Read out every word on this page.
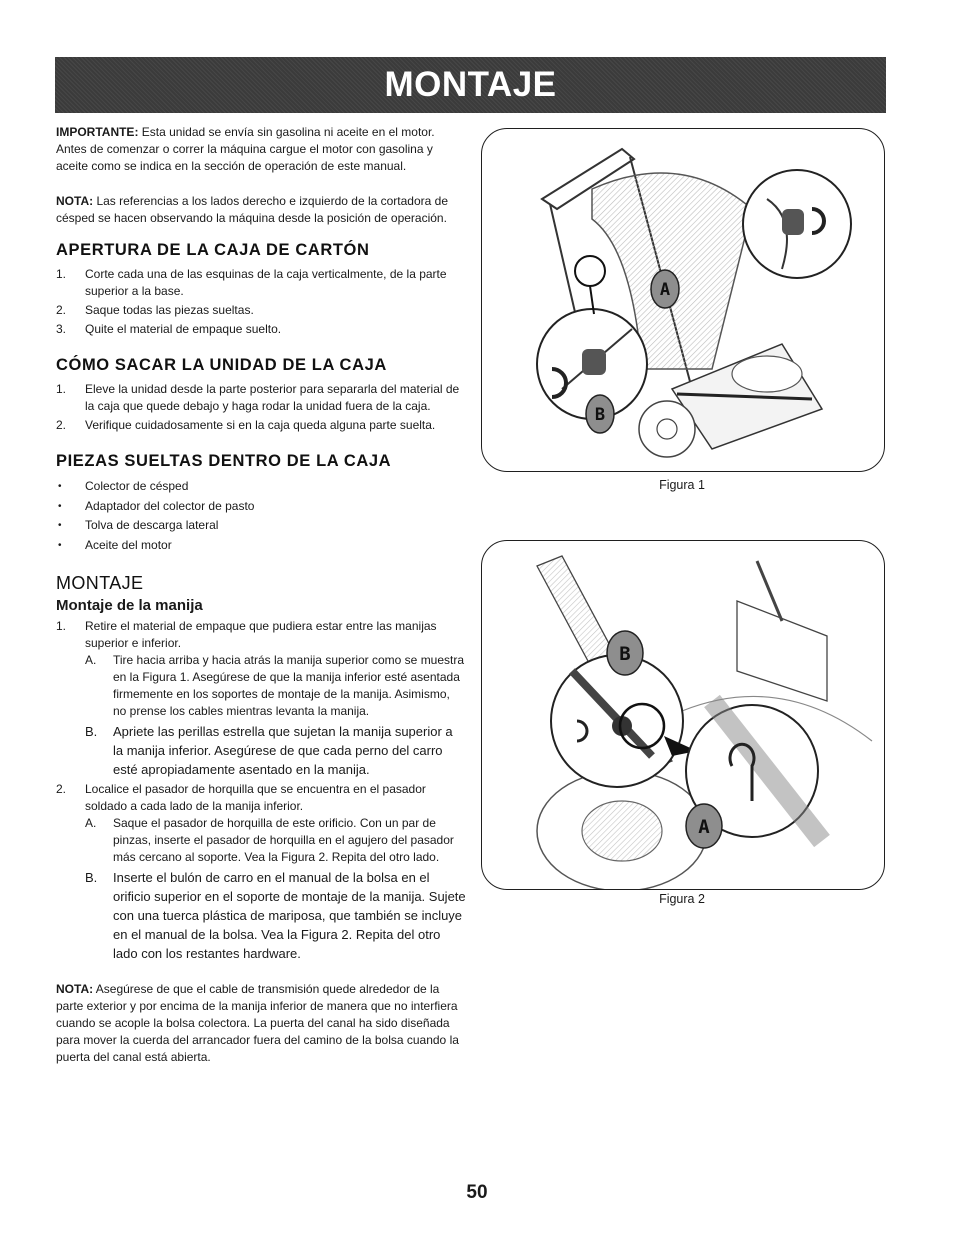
MONTAJE

IMPORTANTE: Esta unidad se envía sin gasolina ni aceite en el motor. Antes de comenzar o correr la máquina cargue el motor con gasolina y aceite como se indica en la sección de operación de este manual.

NOTA: Las referencias a los lados derecho e izquierdo de la cortadora de césped se hacen observando la máquina desde la posición de operación.

APERTURA DE LA CAJA DE CARTÓN
1. Corte cada una de las esquinas de la caja verticalmente, de la parte superior a la base.
2. Saque todas las piezas sueltas.
3. Quite el material de empaque suelto.
CÓMO SACAR LA UNIDAD DE LA CAJA
1. Eleve la unidad desde la parte posterior para separarla del material de la caja que quede debajo y haga rodar la unidad fuera de la caja.
2. Verifique cuidadosamente si en la caja queda alguna parte suelta.
PIEZAS SUELTAS DENTRO DE LA CAJA
• Colector de césped
• Adaptador del colector de pasto
• Tolva de descarga lateral
• Aceite del motor
MONTAJE
Montaje de la manija
1. Retire el material de empaque que pudiera estar entre las manijas superior e inferior.
A. Tire hacia arriba y hacia atrás la manija superior como se muestra en la Figura 1. Asegúrese de que la manija inferior esté asentada firmemente en los soportes de montaje de la manija. Asimismo, no prense los cables mientras levanta la manija.
B. Apriete las perillas estrella que sujetan la manija superior a la manija inferior. Asegúrese de que cada perno del carro esté apropiadamente asentado en la manija.
2. Localice el pasador de horquilla que se encuentra en el pasador soldado a cada lado de la manija inferior.
A. Saque el pasador de horquilla de este orificio. Con un par de pinzas, inserte el pasador de horquilla en el agujero del pasador más cercano al soporte. Vea la Figura 2. Repita del otro lado.
B. Inserte el bulón de carro en el manual de la bolsa en el orificio superior en el soporte de montaje de la manija. Sujete con una tuerca plástica de mariposa, que también se incluye en el manual de la bolsa. Vea la Figura 2. Repita del otro lado con los restantes hardware.

NOTA: Asegúrese de que el cable de transmisión quede alrededor de la parte exterior y por encima de la manija inferior de manera que no interfiera cuando se acople la bolsa colectora. La puerta del canal ha sido diseñada para mover la cuerda del arrancador fuera del camino de la bolsa cuando la puerta del canal está abierta.

A
B
Figura 1
B
A
Figura 2
50
